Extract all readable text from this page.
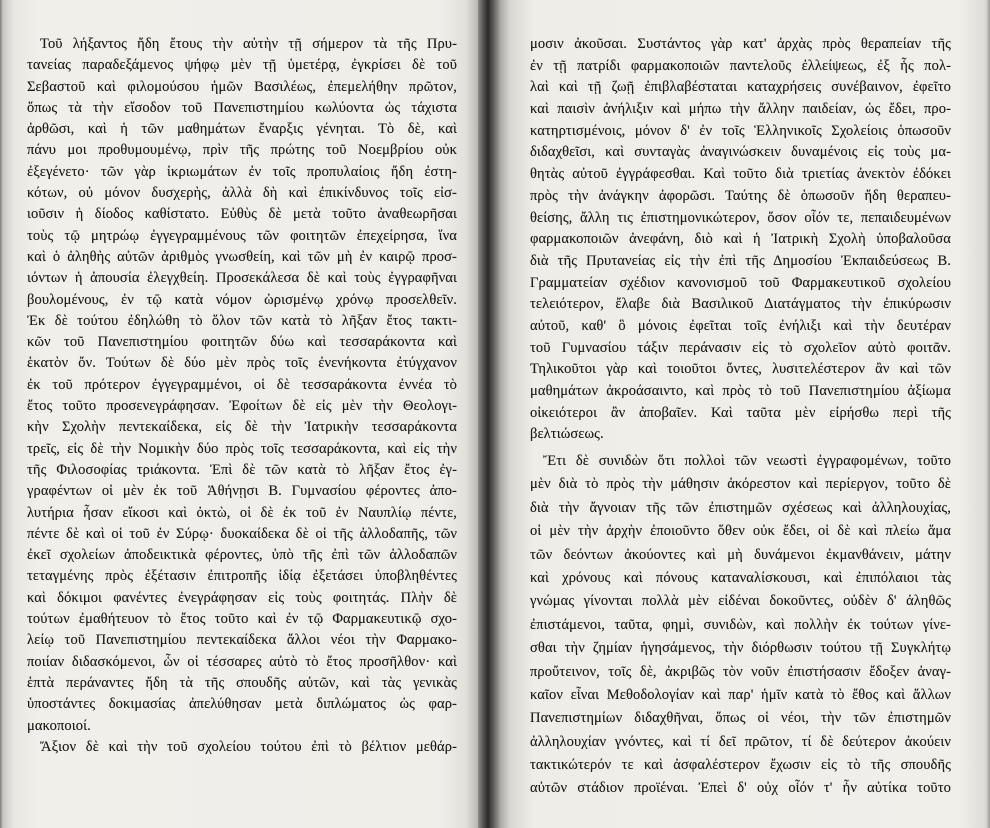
Τοῦ λήξαντος ἤδη ἔτους τὴν αὐτὴν τῇ σήμερον τὰ τῆς Πρυ-
τανείας παραδεξάμενος ψήφῳ μὲν τῇ ὑμετέρᾳ, ἐγκρίσει δὲ τοῦ
Σεβαστοῦ καὶ φιλομούσου ἡμῶν Βασιλέως, ἐπεμελήθην πρῶτον,
ὅπως τὰ τὴν εἴσοδον τοῦ Πανεπιστημίου κωλύοντα ὡς τάχιστα
ἀρθῶσι, καὶ ἡ τῶν μαθημάτων ἔναρξις γένηται. Τὸ δὲ, καὶ
πάνυ μοι προθυμουμένῳ, πρὶν τῆς πρώτης τοῦ Νοεμβρίου οὐκ
ἐξεγένετο· τῶν γὰρ ἰκριωμάτων ἐν τοῖς προπυλαίοις ἤδη ἐστη-
κότων, οὐ μόνον δυσχερὴς, ἀλλὰ δὴ καὶ ἐπικίνδυνος τοῖς εἰσ-
ιοῦσιν ἡ δίοδος καθίστατο. Εὐθὺς δὲ μετὰ τοῦτο ἀναθεωρῆσαι
τοὺς τῷ μητρώῳ ἐγγεγραμμένους τῶν φοιτητῶν ἐπεχείρησα, ἵνα
καὶ ὁ ἀληθὴς αὐτῶν ἀριθμὸς γνωσθείη, καὶ τῶν μὴ ἐν καιρῷ προσ-
ιόντων ἡ ἀπουσία ἐλεγχθείη. Προσεκάλεσα δὲ καὶ τοὺς ἐγγραφῆναι
βουλομένους, ἐν τῷ κατὰ νόμον ὡρισμένῳ χρόνῳ προσελθεῖν.
Ἐκ δὲ τούτου ἐδηλώθη τὸ ὅλον τῶν κατὰ τὸ λῆξαν ἔτος τακτι-
κῶν τοῦ Πανεπιστημίου φοιτητῶν δύω καὶ τεσσαράκοντα καὶ
ἑκατὸν ὄν. Τούτων δὲ δύο μὲν πρὸς τοῖς ἐνενήκοντα ἐτύγχανον
ἐκ τοῦ πρότερον ἐγγεγραμμένοι, οἱ δὲ τεσσαράκοντα ἐννέα τὸ
ἔτος τοῦτο προσενεγράφησαν. Ἐφοίτων δὲ εἰς μὲν τὴν Θεολογι-
κὴν Σχολὴν πεντεκαίδεκα, εἰς δὲ τὴν Ἰατρικὴν τεσσαράκοντα
τρεῖς, εἰς δὲ τὴν Νομικὴν δύο πρὸς τοῖς τεσσαράκοντα, καὶ εἰς τὴν
τῆς Φιλοσοφίας τριάκοντα. Ἐπὶ δὲ τῶν κατὰ τὸ λῆξαν ἔτος ἐγ-
γραφέντων οἱ μὲν ἐκ τοῦ Ἀθήνῃσι Β. Γυμνασίου φέροντες ἀπο-
λυτήρια ἦσαν εἴκοσι καὶ ὀκτὼ, οἱ δὲ ἐκ τοῦ ἐν Ναυπλίῳ πέντε,
πέντε δὲ καὶ οἱ τοῦ ἐν Σύρῳ· δυοκαίδεκα δὲ οἱ τῆς ἀλλοδαπῆς, τῶν
ἐκεῖ σχολείων ἀποδεικτικὰ φέροντες, ὑπὸ τῆς ἐπὶ τῶν ἀλλοδαπῶν
τεταγμένης πρὸς ἐξέτασιν ἐπιτροπῆς ἰδίᾳ ἐξετάσει ὑποβληθέντες
καὶ δόκιμοι φανέντες ἐνεγράφησαν εἰς τοὺς φοιτητάς. Πλὴν δὲ
τούτων ἐμαθήτευον τὸ ἔτος τοῦτο καὶ ἐν τῷ Φαρμακευτικῷ σχο-
λείῳ τοῦ Πανεπιστημίου πεντεκαίδεκα ἄλλοι νέοι τὴν Φαρμακο-
ποιίαν διδασκόμενοι, ὧν οἱ τέσσαρες αὐτὸ τὸ ἔτος προσῆλθον· καὶ
ἑπτὰ περάναντες ἤδη τὰ τῆς σπουδῆς αὐτῶν, καὶ τὰς γενικὰς
ὑποστάντες δοκιμασίας ἀπελύθησαν μετὰ διπλώματος ὡς φαρ-
μακοποιοί.
Ἄξιον δὲ καὶ τὴν τοῦ σχολείου τούτου ἐπὶ τὸ βέλτιον μεθάρ-
μοσιν ἀκοῦσαι. Συστάντος γὰρ κατ' ἀρχὰς πρὸς θεραπείαν τῆς
ἐν τῇ πατρίδι φαρμακοποιῶν παντελοῦς ἐλλείψεως, ἐξ ἧς πολ-
λαὶ καὶ τῇ ζωῇ ἐπιβλαβέσταται καταχρήσεις συνέβαινον, ἐφεῖτο
καὶ παισὶν ἀνήλιξιν καὶ μήπω τὴν ἄλλην παιδείαν, ὡς ἔδει, προ-
κατηρτισμένοις, μόνον δ' ἐν τοῖς Ἑλληνικοῖς Σχολείοις ὁπωσοῦν
διδαχθεῖσι, καὶ συνταγὰς ἀναγινώσκειν δυναμένοις εἰς τοὺς μα-
θητὰς αὐτοῦ ἐγγράφεσθαι. Καὶ τοῦτο διὰ τριετίας ἀνεκτὸν ἐδόκει
πρὸς τὴν ἀνάγκην ἀφορῶσι. Ταύτης δὲ ὁπωσοῦν ἤδη θεραπευ-
θείσης, ἄλλη τις ἐπιστημονικώτερον, ὅσον οἷόν τε, πεπαιδευμένων
φαρμακοποιῶν ἀνεφάνη, διὸ καὶ ἡ Ἰατρικὴ Σχολὴ ὑποβαλοῦσα
διὰ τῆς Πρυτανείας εἰς τὴν ἐπὶ τῆς Δημοσίου Ἐκπαιδεύσεως Β.
Γραμματείαν σχέδιον κανονισμοῦ τοῦ Φαρμακευτικοῦ σχολείου
τελειότερον, ἔλαβε διὰ Βασιλικοῦ Διατάγματος τὴν ἐπικύρωσιν
αὐτοῦ, καθ' ὃ μόνοις ἐφεῖται τοῖς ἐνήλιξι καὶ τὴν δευτέραν
τοῦ Γυμνασίου τάξιν περάνασιν εἰς τὸ σχολεῖον αὐτὸ φοιτᾶν.
Τηλικοῦτοι γὰρ καὶ τοιοῦτοι ὄντες, λυσιτελέστερον ἂν καὶ τῶν
μαθημάτων ἀκροάσαιντο, καὶ πρὸς τὸ τοῦ Πανεπιστημίου ἀξίωμα
οἰκειότεροι ἂν ἀποβαῖεν. Καὶ ταῦτα μὲν εἰρήσθω περὶ τῆς
βελτιώσεως.
Ἔτι δὲ συνιδὼν ὅτι πολλοὶ τῶν νεωστὶ ἐγγραφομένων, τοῦτο
μὲν διὰ τὸ πρὸς τὴν μάθησιν ἀκόρεστον καὶ περίεργον, τοῦτο δὲ
διὰ τὴν ἄγνοιαν τῆς τῶν ἐπιστημῶν σχέσεως καὶ ἀλληλουχίας,
οἱ μὲν τὴν ἀρχὴν ἐποιοῦντο ὅθεν οὐκ ἔδει, οἱ δὲ καὶ πλείω ἅμα
τῶν δεόντων ἀκούοντες καὶ μὴ δυνάμενοι ἐκμανθάνειν, μάτην
καὶ χρόνους καὶ πόνους καταναλίσκουσι, καὶ ἐπιπόλαιοι τὰς
γνώμας γίνονται πολλὰ μὲν εἰδέναι δοκοῦντες, οὐδὲν δ' ἀληθῶς
ἐπιστάμενοι, ταῦτα, φημὶ, συνιδὼν, καὶ πολλὴν ἐκ τούτων γίνε-
σθαι τὴν ζημίαν ἡγησάμενος, τὴν διόρθωσιν τούτου τῇ Συγκλήτῳ
προὔτεινον, τοῖς δὲ, ἀκριβῶς τὸν νοῦν ἐπιστήσασιν ἔδοξεν ἀναγ-
καῖον εἶναι Μεθοδολογίαν καὶ παρ' ἡμῖν κατὰ τὸ ἔθος καὶ ἄλλων
Πανεπιστημίων διδαχθῆναι, ὅπως οἱ νέοι, τὴν τῶν ἐπιστημῶν
ἀλληλουχίαν γνόντες, καὶ τί δεῖ πρῶτον, τί δὲ δεύτερον ἀκούειν
τακτικώτερόν τε καὶ ἀσφαλέστερον ἔχωσιν εἰς τὸ τῆς σπουδῆς
αὐτῶν στάδιον προϊέναι. Ἐπεὶ δ' οὐχ οἷόν τ' ἦν αὐτίκα τοῦτο
